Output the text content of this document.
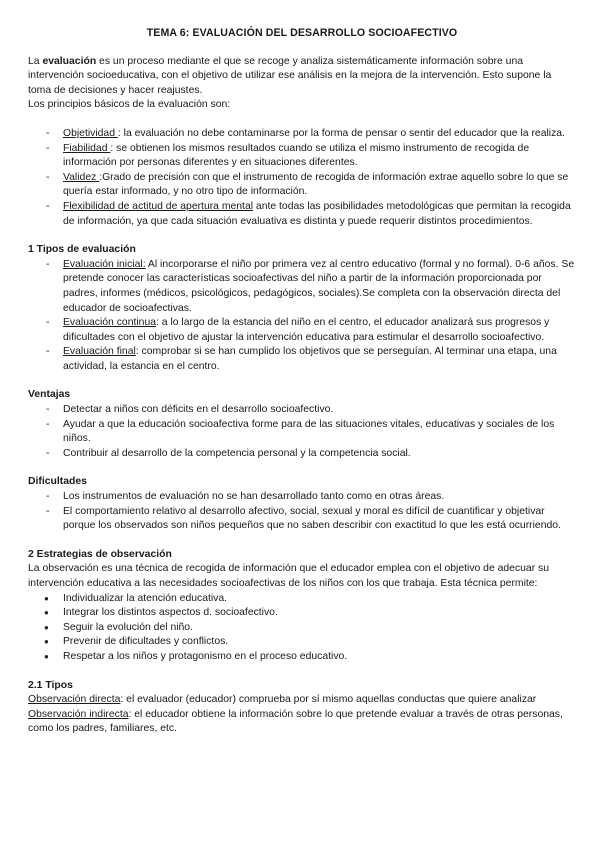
TEMA 6: EVALUACIÓN DEL DESARROLLO SOCIOAFECTIVO

La evaluación es un proceso mediante el que se recoge y analiza sistemáticamente información sobre una intervención socioeducativa, con el objetivo de utilizar ese análisis en la mejora de la intervención. Esto supone la toma de decisiones y hacer reajustes.

Los principios básicos de la evaluación son:

- Objetividad : la evaluación no debe contaminarse por la forma de pensar o sentir del educador que la realiza.
- Fiabilidad : se obtienen los mismos resultados cuando se utiliza el mismo instrumento de recogida de información por personas diferentes y en situaciones diferentes.
- Validez :Grado de precisión con que el instrumento de recogida de información extrae aquello sobre lo que se quería estar informado, y no otro tipo de información.
- Flexibilidad de actitud de apertura mental ante todas las posibilidades metodológicas que permitan la recogida de información, ya que cada situación evaluativa es distinta y puede requerir distintos procedimientos.

1 Tipos de evaluación

- Evaluación inicial: Al incorporarse el niño por primera vez al centro educativo (formal y no formal). 0-6 años. Se pretende conocer las características socioafectivas del niño a partir de la información proporcionada por padres, informes (médicos, psicológicos, pedagógicos, sociales).Se completa con la observación directa del educador de socioafectivas.
- Evaluación continua: a lo largo de la estancia del niño en el centro, el educador analizará sus progresos y dificultades con el objetivo de ajustar la intervención educativa para estimular el desarrollo socioafectivo.
- Evaluación final: comprobar si se han cumplido los objetivos que se perseguían. Al terminar una etapa, una actividad, la estancia en el centro.

Ventajas

- Detectar a niños con déficits en el desarrollo socioafectivo.
- Ayudar a que la educación socioafectiva forme para de las situaciones vitales, educativas y sociales de los niños.
- Contribuir al desarrollo de la competencia personal y la competencia social.

Dificultades

- Los instrumentos de evaluación no se han desarrollado tanto como en otras áreas.
- El comportamiento relativo al desarrollo afectivo, social, sexual y moral es difícil de cuantificar y objetivar porque los observados son niños pequeños que no saben describir con exactitud lo que les está ocurriendo.

2 Estrategias de observación

La observación es una técnica de recogida de información que el educador emplea con el objetivo de adecuar su intervención educativa a las necesidades socioafectivas de los niños con los que trabaja. Esta técnica permite:

● Individualizar la atención educativa.
● Integrar los distintos aspectos d. socioafectivo.
● Seguir la evolución del niño.
● Prevenir de dificultades y conflictos.
● Respetar a los niños y protagonismo en el proceso educativo.

2.1 Tipos

Observación directa: el evaluador (educador) comprueba por sí mismo aquellas conductas que quiere analizar

Observación indirecta: el educador obtiene la información sobre lo que pretende evaluar a través de otras personas, como los padres, familiares, etc.
